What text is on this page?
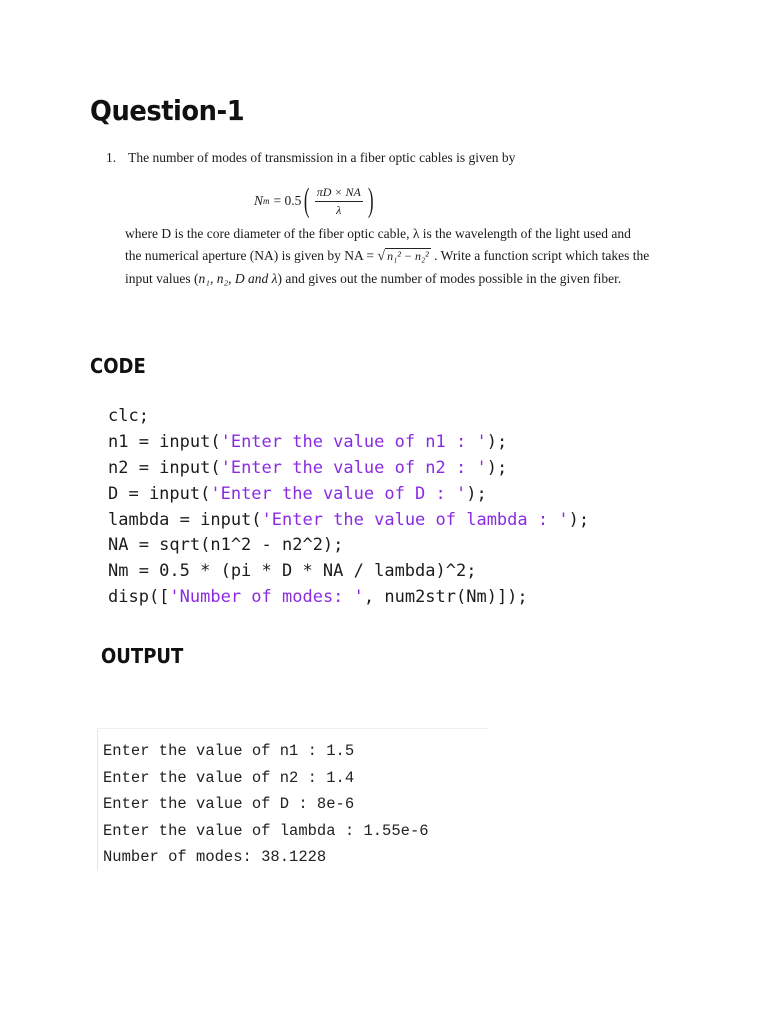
Question-1
1. The number of modes of transmission in a fiber optic cables is given by
N m = 0.5 ( $\frac{\pi D \times NA}{\lambda}$ )
where D is the core diameter of the fiber optic cable, λ is the wavelength of the light used and
the numerical aperture (NA) is given by NA = √ n₁² − n₂² . Write a function script which takes the
input values (n₁, n₂, D and λ) and gives out the number of modes possible in the given fiber.
CODE
clc;
n1 = input('Enter the value of n1 : ');
n2 = input('Enter the value of n2 : ');
D = input('Enter the value of D : ');
lambda = input('Enter the value of lambda : ');
NA = sqrt(n1^2 - n2^2);
Nm = 0.5 * (pi * D * NA / lambda)^2;
disp(['Number of modes: ', num2str(Nm)]);
OUTPUT
Enter the value of n1 : 1.5
Enter the value of n2 : 1.4
Enter the value of D : 8e-6
Enter the value of lambda : 1.55e-6
Number of modes: 38.1228
